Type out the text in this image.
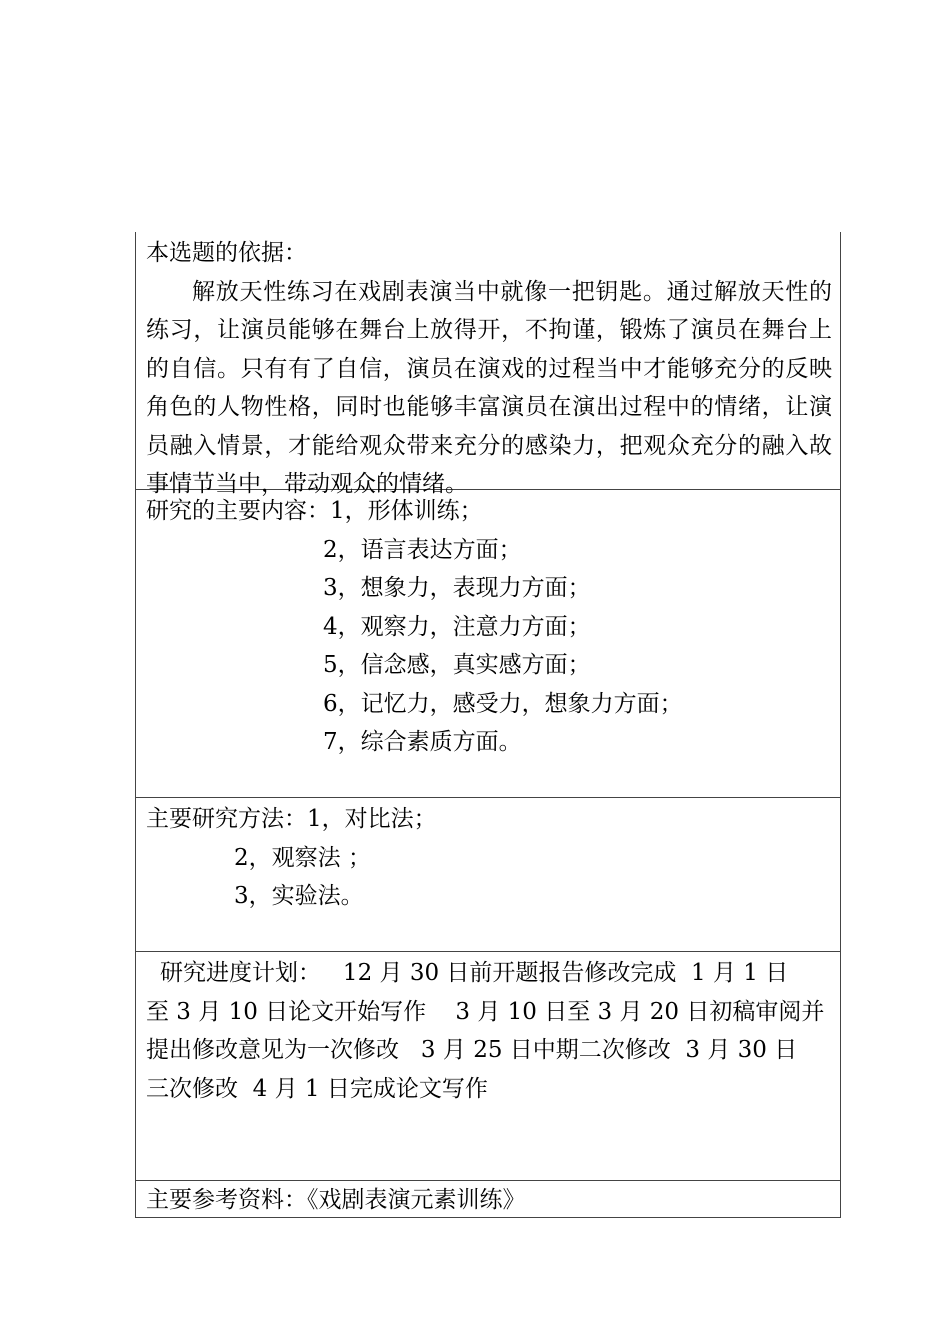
本选题的依据：
解放天性练习在戏剧表演当中就像一把钥匙。通过解放天性的练习，让演员能够在舞台上放得开，不拘谨，锻炼了演员在舞台上的自信。只有有了自信，演员在演戏的过程当中才能够充分的反映角色的人物性格，同时也能够丰富演员在演出过程中的情绪，让演员融入情景，才能给观众带来充分的感染力，把观众充分的融入故事情节当中，带动观众的情绪。
研究的主要内容：1，形体训练；
2，语言表达方面；
3，想象力，表现力方面；
4，观察力，注意力方面；
5，信念感，真实感方面；
6，记忆力，感受力，想象力方面；
7，综合素质方面。
主要研究方法：1，对比法；
2，观察法 ；
3，实验法。
研究进度计划：   12 月 30 日前开题报告修改完成  1 月 1 日
至 3 月 10 日论文开始写作    3 月 10 日至 3 月 20 日初稿审阅并
提出修改意见为一次修改   3 月 25 日中期二次修改  3 月 30 日
三次修改  4 月 1 日完成论文写作
主要参考资料：《戏剧表演元素训练》
